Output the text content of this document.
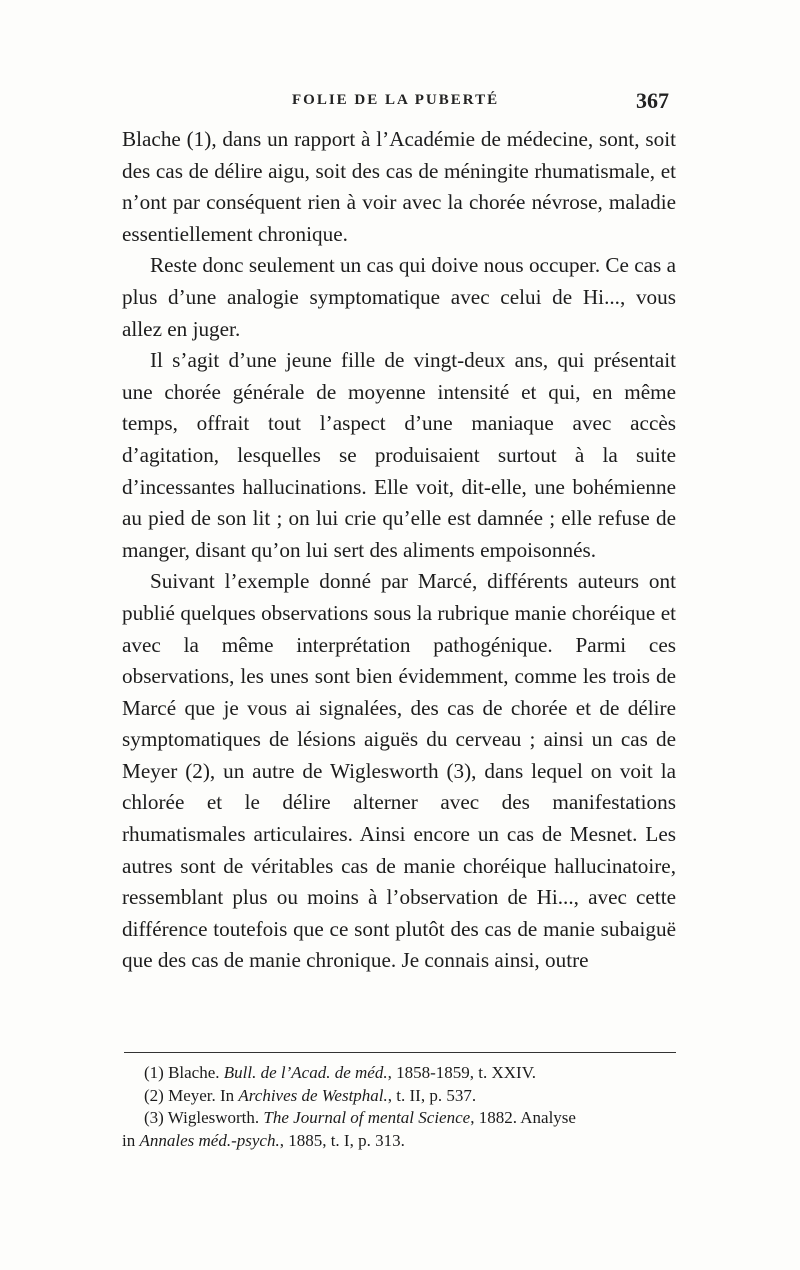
FOLIE DE LA PUBERTÉ	367

Blache (1), dans un rapport à l’Académie de médecine, sont, soit des cas de délire aigu, soit des cas de méningite rhumatismale, et n’ont par conséquent rien à voir avec la chorée névrose, maladie essentiellement chronique.

Reste donc seulement un cas qui doive nous occuper. Ce cas a plus d’une analogie symptomatique avec celui de Hi..., vous allez en juger.

Il s’agit d’une jeune fille de vingt-deux ans, qui présentait une chorée générale de moyenne intensité et qui, en même temps, offrait tout l’aspect d’une maniaque avec accès d’agitation, lesquelles se produisaient surtout à la suite d’incessantes hallucinations. Elle voit, dit-elle, une bohémienne au pied de son lit ; on lui crie qu’elle est damnée ; elle refuse de manger, disant qu’on lui sert des aliments empoisonnés.

Suivant l’exemple donné par Marcé, différents auteurs ont publié quelques observations sous la rubrique manie choréique et avec la même interprétation pathogénique. Parmi ces observations, les unes sont bien évidemment, comme les trois de Marcé que je vous ai signalées, des cas de chorée et de délire symptomatiques de lésions aiguës du cerveau ; ainsi un cas de Meyer (2), un autre de Wiglesworth (3), dans lequel on voit la chlorée et le délire alterner avec des manifestations rhumatismales articulaires. Ainsi encore un cas de Mesnet. Les autres sont de véritables cas de manie choréique hallucinatoire, ressemblant plus ou moins à l’observation de Hi..., avec cette différence toutefois que ce sont plutôt des cas de manie subaiguë que des cas de manie chronique. Je connais ainsi, outre

(1) Blache. Bull. de l’Acad. de méd., 1858-1859, t. XXIV.

(2) Meyer. In Archives de Westphal., t. II, p. 537.

(3) Wiglesworth. The Journal of mental Science, 1882. Analyse

in Annales méd.-psych., 1885, t. I, p. 313.
